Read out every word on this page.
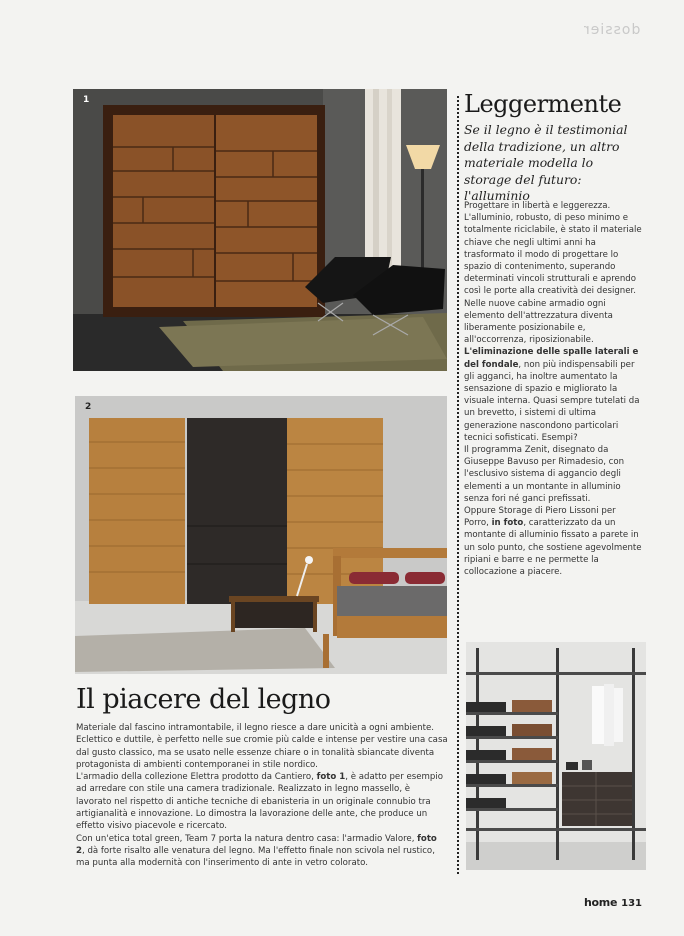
dossier
1
2
Leggermente
Se il legno è il testimonial della tradizione, un altro materiale modella lo storage del futuro: l'alluminio

Progettare in libertà e leggerezza. L'alluminio, robusto, di peso minimo e totalmente riciclabile, è stato il materiale chiave che negli ultimi anni ha trasformato il modo di progettare lo spazio di contenimento, superando determinati vincoli strutturali e aprendo così le porte alla creatività dei designer. Nelle nuove cabine armadio ogni elemento dell'attrezzatura diventa liberamente posizionabile e, all'occorrenza, riposizionabile. L'eliminazione delle spalle laterali e del fondale, non più indispensabili per gli agganci, ha inoltre aumentato la sensazione di spazio e migliorato la visuale interna. Quasi sempre tutelati da un brevetto, i sistemi di ultima generazione nascondono particolari tecnici sofisticati. Esempi?

Il programma Zenit, disegnato da Giuseppe Bavuso per Rimadesio, con l'esclusivo sistema di aggancio degli elementi a un montante in alluminio senza fori né ganci prefissati.

Oppure Storage di Piero Lissoni per Porro, in foto, caratterizzato da un montante di alluminio fissato a parete in un solo punto, che sostiene agevolmente ripiani e barre e ne permette la collocazione a piacere.

Il piacere del legno

Materiale dal fascino intramontabile, il legno riesce a dare unicità a ogni ambiente. Eclettico e duttile, è perfetto nelle sue cromie più calde e intense per vestire una casa dal gusto classico, ma se usato nelle essenze chiare o in tonalità sbiancate diventa protagonista di ambienti contemporanei in stile nordico.

L'armadio della collezione Elettra prodotto da Cantiero, foto 1, è adatto per esempio ad arredare con stile una camera tradizionale. Realizzato in legno massello, è lavorato nel rispetto di antiche tecniche di ebanisteria in un originale connubio tra artigianalità e innovazione. Lo dimostra la lavorazione delle ante, che produce un effetto visivo piacevole e ricercato.

Con un'etica total green, Team 7 porta la natura dentro casa: l'armadio Valore, foto 2, dà forte risalto alle venatura del legno. Ma l'effetto finale non scivola nel rustico, ma punta alla modernità con l'inserimento di ante in vetro colorato.

home 131
